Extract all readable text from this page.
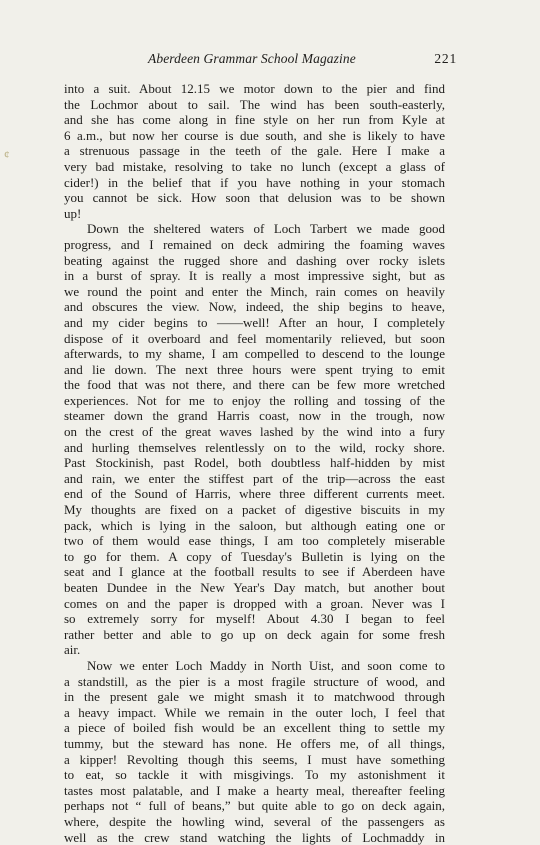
Aberdeen Grammar School Magazine	221
¢
into a suit. About 12.15 we motor down to the pier and find
the Lochmor about to sail. The wind has been south-easterly,
and she has come along in fine style on her run from Kyle at
6 a.m., but now her course is due south, and she is likely to have
a strenuous passage in the teeth of the gale. Here I make a
very bad mistake, resolving to take no lunch (except a glass of
cider!) in the belief that if you have nothing in your stomach
you cannot be sick. How soon that delusion was to be shown
up!
Down the sheltered waters of Loch Tarbert we made good
progress, and I remained on deck admiring the foaming waves
beating against the rugged shore and dashing over rocky islets
in a burst of spray. It is really a most impressive sight, but as
we round the point and enter the Minch, rain comes on heavily
and obscures the view. Now, indeed, the ship begins to heave,
and my cider begins to ——well! After an hour, I completely
dispose of it overboard and feel momentarily relieved, but soon
afterwards, to my shame, I am compelled to descend to the lounge
and lie down. The next three hours were spent trying to emit
the food that was not there, and there can be few more wretched
experiences. Not for me to enjoy the rolling and tossing of the
steamer down the grand Harris coast, now in the trough, now
on the crest of the great waves lashed by the wind into a fury
and hurling themselves relentlessly on to the wild, rocky shore.
Past Stockinish, past Rodel, both doubtless half-hidden by mist
and rain, we enter the stiffest part of the trip—across the east
end of the Sound of Harris, where three different currents meet.
My thoughts are fixed on a packet of digestive biscuits in my
pack, which is lying in the saloon, but although eating one or
two of them would ease things, I am too completely miserable
to go for them. A copy of Tuesday's Bulletin is lying on the
seat and I glance at the football results to see if Aberdeen have
beaten Dundee in the New Year's Day match, but another bout
comes on and the paper is dropped with a groan. Never was I
so extremely sorry for myself! About 4.30 I began to feel
rather better and able to go up on deck again for some fresh
air.
Now we enter Loch Maddy in North Uist, and soon come to
a standstill, as the pier is a most fragile structure of wood, and
in the present gale we might smash it to matchwood through
a heavy impact. While we remain in the outer loch, I feel that
a piece of boiled fish would be an excellent thing to settle my
tummy, but the steward has none. He offers me, of all things,
a kipper! Revolting though this seems, I must have something
to eat, so tackle it with misgivings. To my astonishment it
tastes most palatable, and I make a hearty meal, thereafter feeling
perhaps not “ full of beans,” but quite able to go on deck again,
where, despite the howling wind, several of the passengers as
well as the crew stand watching the lights of Lochmaddy in
